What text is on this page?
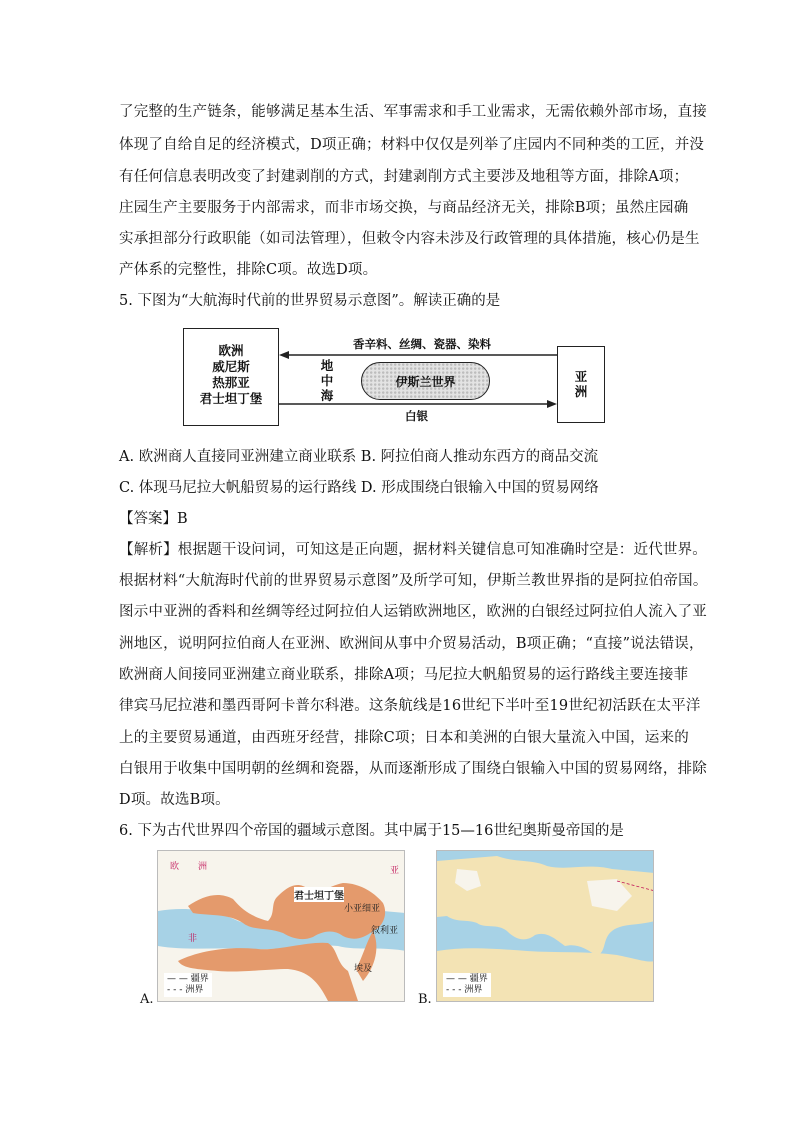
了完整的生产链条，能够满足基本生活、军事需求和手工业需求，无需依赖外部市场，直接
体现了自给自足的经济模式，D项正确；材料中仅仅是列举了庄园内不同种类的工匠，并没
有任何信息表明改变了封建剥削的方式，封建剥削方式主要涉及地租等方面，排除A项；
庄园生产主要服务于内部需求，而非市场交换，与商品经济无关，排除B项；虽然庄园确
实承担部分行政职能（如司法管理），但敕令内容未涉及行政管理的具体措施，核心仍是生
产体系的完整性，排除C项。故选D项。
5. 下图为“大航海时代前的世界贸易示意图”。解读正确的是
欧洲
威尼斯
热那亚
君士坦丁堡
亚洲
香辛料、丝绸、瓷器、染料
白银
地中海
伊斯兰世界
A. 欧洲商人直接同亚洲建立商业联系 B. 阿拉伯商人推动东西方的商品交流
C. 体现马尼拉大帆船贸易的运行路线 D. 形成围绕白银输入中国的贸易网络
【答案】B
【解析】根据题干设问词，可知这是正向题，据材料关键信息可知准确时空是：近代世界。
根据材料“大航海时代前的世界贸易示意图”及所学可知，伊斯兰教世界指的是阿拉伯帝国。
图示中亚洲的香料和丝绸等经过阿拉伯人运销欧洲地区，欧洲的白银经过阿拉伯人流入了亚
洲地区，说明阿拉伯商人在亚洲、欧洲间从事中介贸易活动，B项正确；“直接”说法错误，
欧洲商人间接同亚洲建立商业联系，排除A项；马尼拉大帆船贸易的运行路线主要连接菲
律宾马尼拉港和墨西哥阿卡普尔科港。这条航线是16世纪下半叶至19世纪初活跃在太平洋
上的主要贸易通道，由西班牙经营，排除C项；日本和美洲的白银大量流入中国，运来的
白银用于收集中国明朝的丝绸和瓷器，从而逐渐形成了围绕白银输入中国的贸易网络，排除
D项。故选B项。
6. 下为古代世界四个帝国的疆域示意图。其中属于15—16世纪奥斯曼帝国的是
A.
欧 洲
君士坦丁堡
小亚细亚
叙利亚
埃及
非
亚
— — 疆界
- - - 洲界
B.
— — 疆界
- - - 洲界
